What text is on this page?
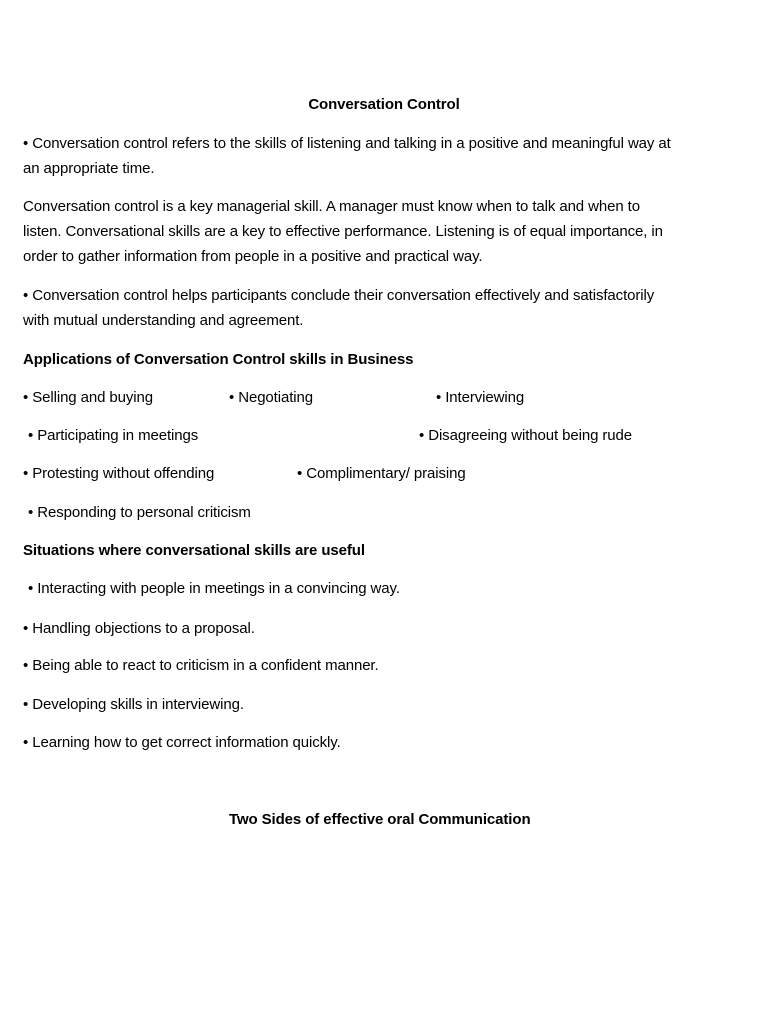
Conversation Control
• Conversation control refers to the skills of listening and talking in a positive and meaningful way at
an appropriate time.
Conversation control is a key managerial skill. A manager must know when to talk and when to
listen. Conversational skills are a key to effective performance. Listening is of equal importance, in
order to gather information from people in a positive and practical way.
• Conversation control helps participants conclude their conversation effectively and satisfactorily
with mutual understanding and agreement.
Applications of Conversation Control skills in Business
• Selling and buying	• Negotiating	• Interviewing
• Participating in meetings	• Disagreeing without being rude
• Protesting without offending	• Complimentary/ praising
• Responding to personal criticism
Situations where conversational skills are useful
• Interacting with people in meetings in a convincing way.
• Handling objections to a proposal.
• Being able to react to criticism in a confident manner.
• Developing skills in interviewing.
• Learning how to get correct information quickly.
Two Sides of effective oral Communication
